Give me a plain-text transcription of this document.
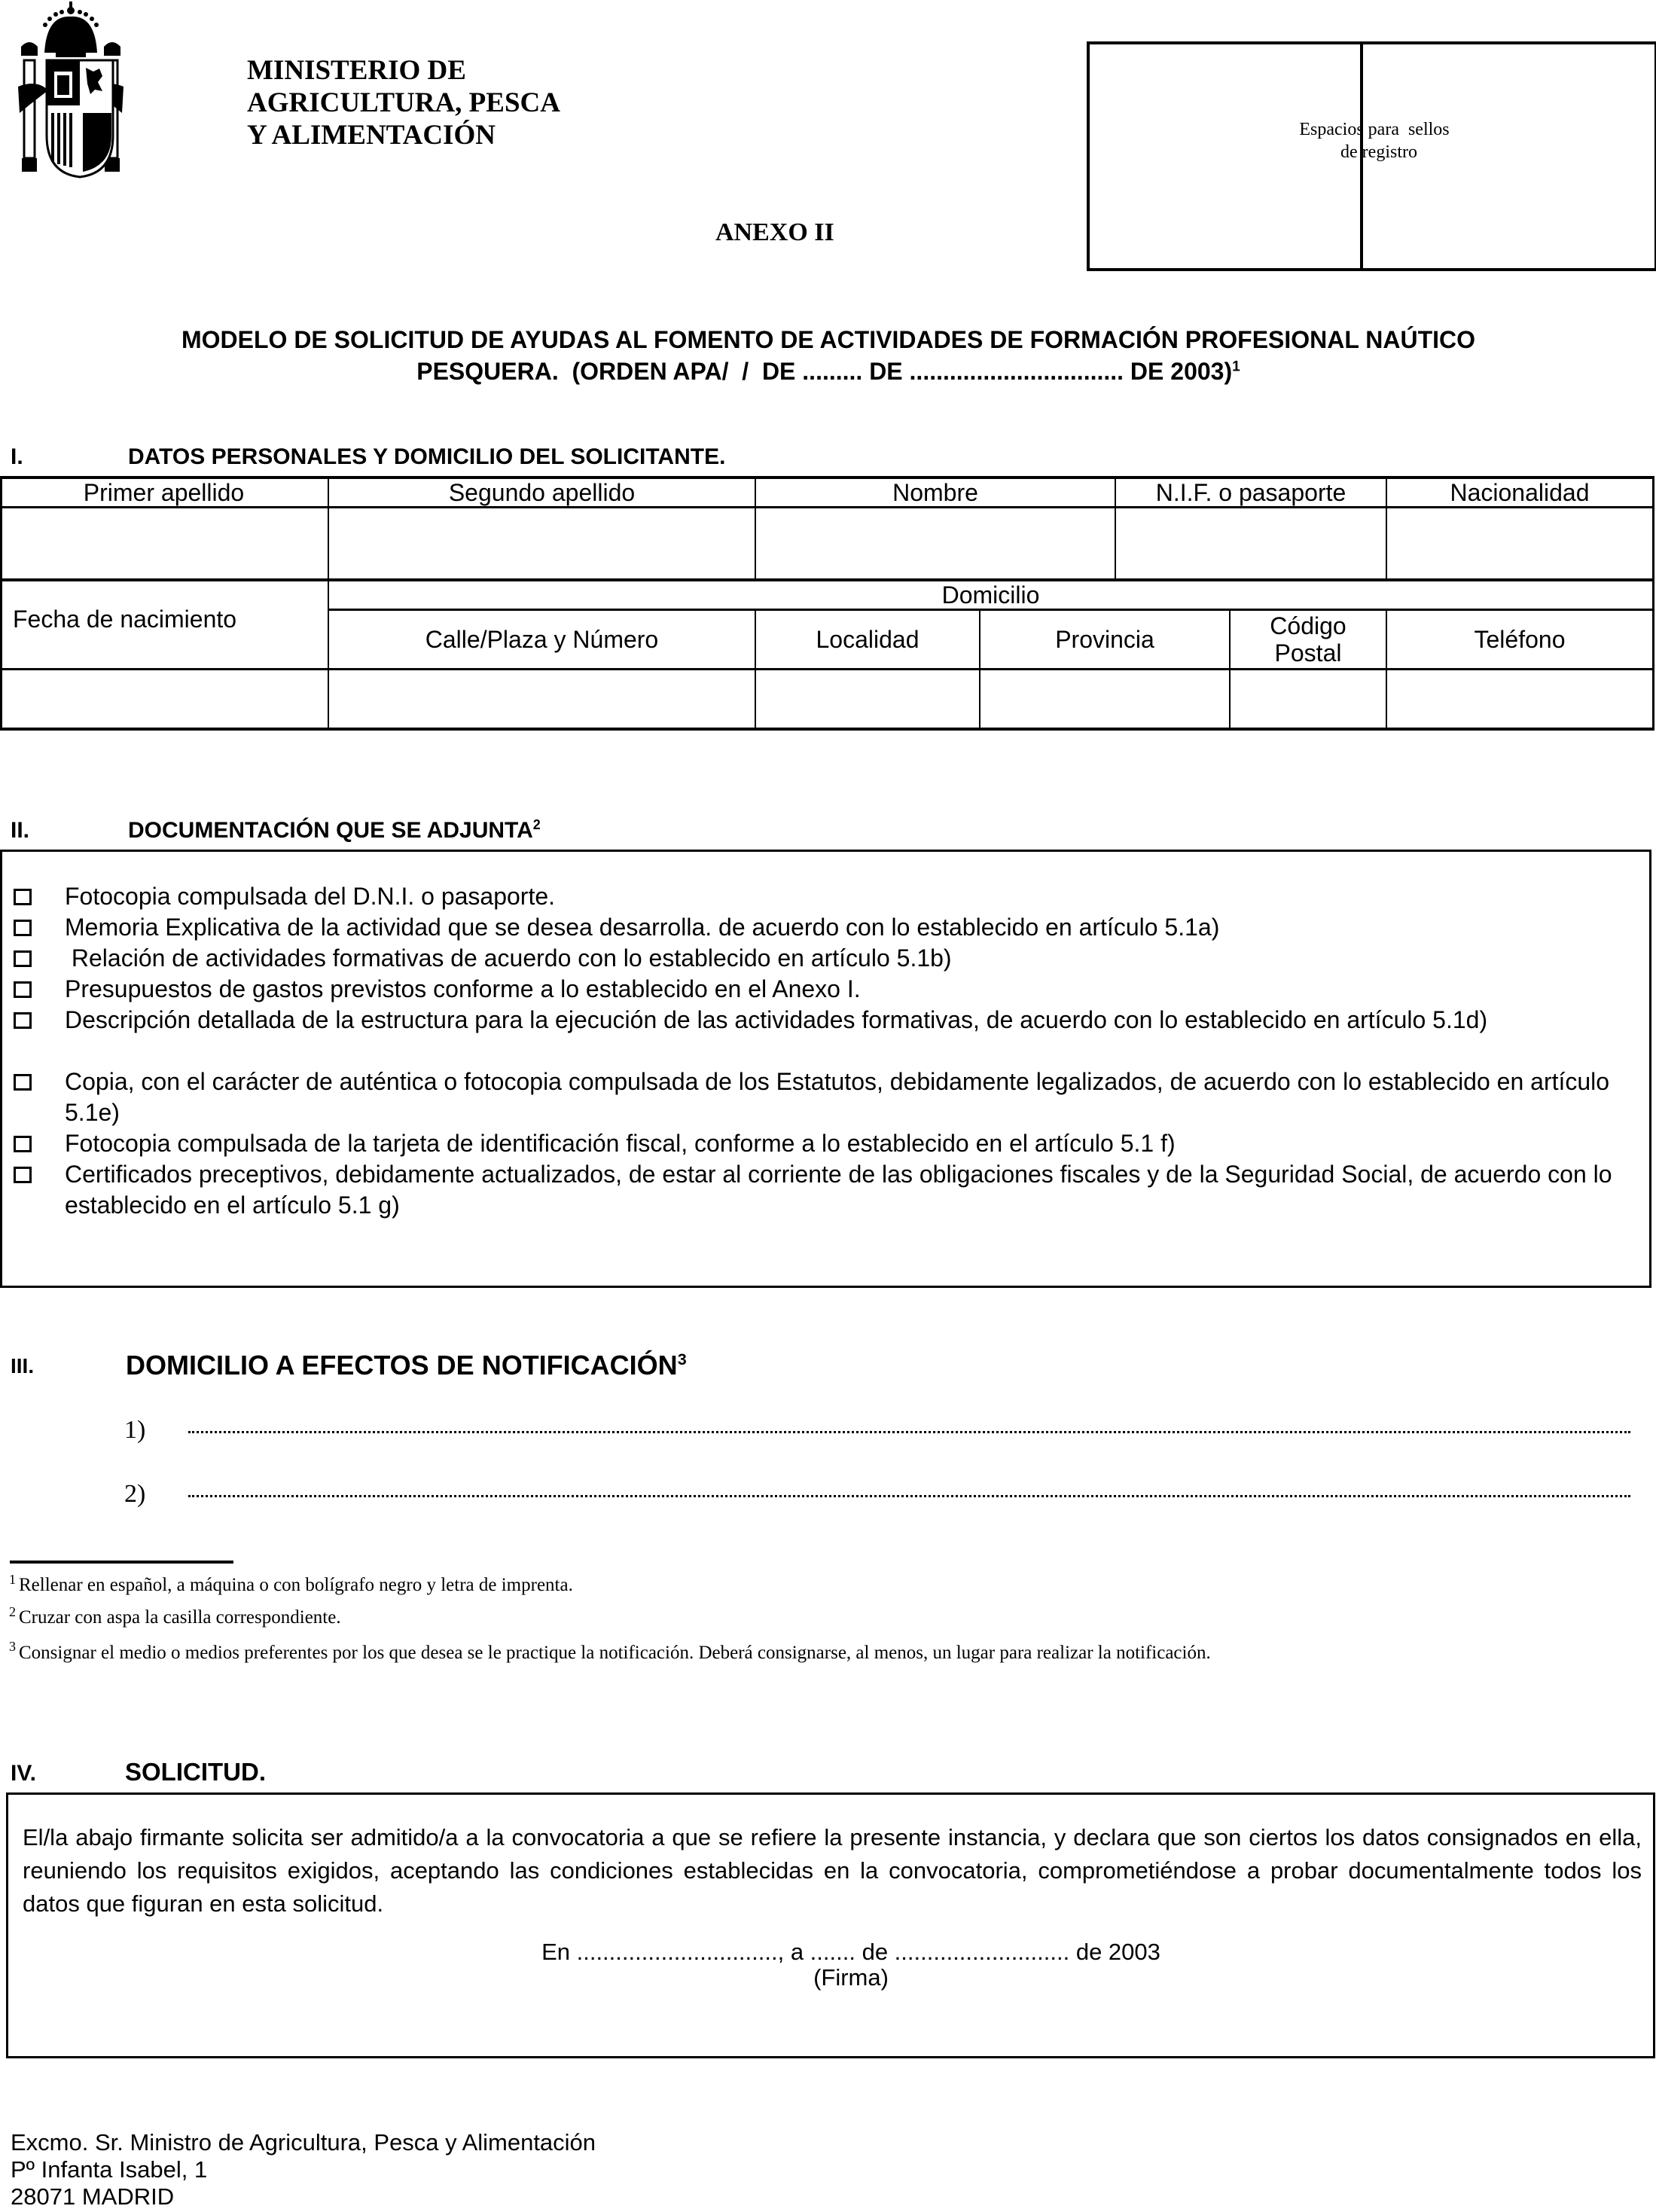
MINISTERIO DE
AGRICULTURA, PESCA
Y ALIMENTACIÓN	Espacios para  sellos
de registro
ANEXO II
MODELO DE SOLICITUD DE AYUDAS AL FOMENTO DE ACTIVIDADES DE FORMACIÓN PROFESIONAL NAÚTICO
PESQUERA.  (ORDEN APA/  /  DE ......... DE ................................ DE 2003)$^1$
I.	DATOS PERSONALES Y DOMICILIO DEL SOLICITANTE.
Primer apellido	Segundo apellido	Nombre	N.I.F. o pasaporte	Nacionalidad
Fecha de nacimiento
Domicilio
Calle/Plaza y Número	Localidad	Provincia	Código Postal	Teléfono
II.	DOCUMENTACIÓN QUE SE ADJUNTA$^2$
Fotocopia compulsada del D.N.I. o pasaporte.
Memoria Explicativa de la actividad que se desea desarrolla. de acuerdo con lo establecido en artículo 5.1a)
Relación de actividades formativas de acuerdo con lo establecido en artículo 5.1b)
Presupuestos de gastos previstos conforme a lo establecido en el Anexo I.
Descripción detallada de la estructura para la ejecución de las actividades formativas, de acuerdo con lo establecido en artículo 5.1d)
Copia, con el carácter de auténtica o fotocopia compulsada de los Estatutos, debidamente legalizados, de acuerdo con lo establecido en artículo 5.1e)
Fotocopia compulsada de la tarjeta de identificación fiscal, conforme a lo establecido en el artículo 5.1 f)
Certificados preceptivos, debidamente actualizados, de estar al corriente de las obligaciones fiscales y de la Seguridad Social, de acuerdo con lo establecido en el artículo 5.1 g)
III.	DOMICILIO A EFECTOS DE NOTIFICACIÓN$^3$
1)
2)
$^1$ Rellenar en español, a máquina o con bolígrafo negro y letra de imprenta.
$^2$ Cruzar con aspa la casilla correspondiente.
$^3$ Consignar el medio o medios preferentes por los que desea se le practique la notificación. Deberá consignarse, al menos, un lugar para realizar la notificación.
IV.	SOLICITUD.
El/la abajo firmante solicita ser admitido/a a la convocatoria a que se refiere la presente instancia, y declara que son ciertos los datos consignados en ella, reuniendo los requisitos exigidos, aceptando las condiciones establecidas en la convocatoria, comprometiéndose a probar documentalmente todos los datos que figuran en esta solicitud.
En ..............................., a ....... de ........................... de 2003
(Firma)
Excmo. Sr. Ministro de Agricultura, Pesca y Alimentación
Pº Infanta Isabel, 1
28071 MADRID
